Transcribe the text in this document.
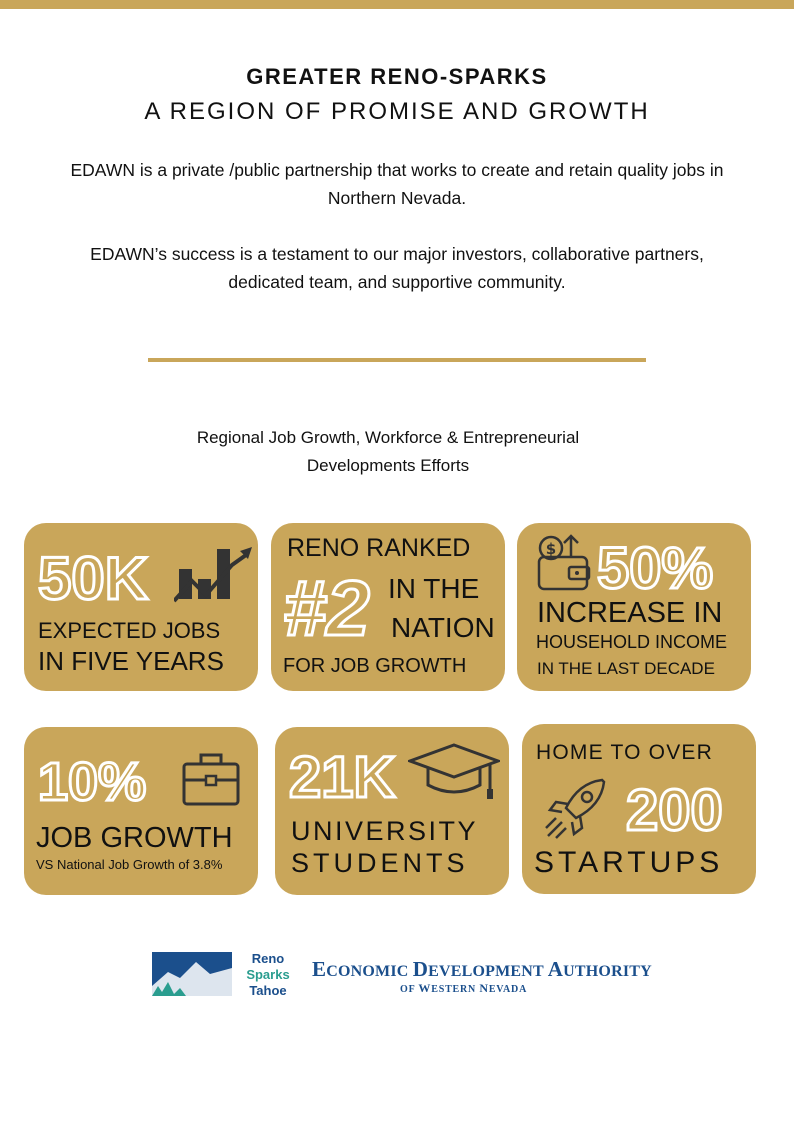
GREATER RENO-SPARKS
A REGION OF PROMISE AND GROWTH
EDAWN is a private /public partnership that works to create and retain quality jobs in
Northern Nevada.
EDAWN’s success is a testament to our major investors, collaborative partners,
dedicated team, and supportive community.
Regional Job Growth, Workforce & Entrepreneurial
Developments Efforts
50K
EXPECTED JOBS
IN FIVE YEARS
RENO RANKED
#2 IN THE
NATION
FOR JOB GROWTH
$ 50%
INCREASE IN
HOUSEHOLD INCOME
IN THE LAST DECADE
10%
JOB GROWTH
VS National Job Growth of 3.8%
21K
UNIVERSITY
STUDENTS
HOME TO OVER
200
STARTUPS
Reno
Sparks
Tahoe
ECONOMIC DEVELOPMENT AUTHORITY
OF WESTERN NEVADA
